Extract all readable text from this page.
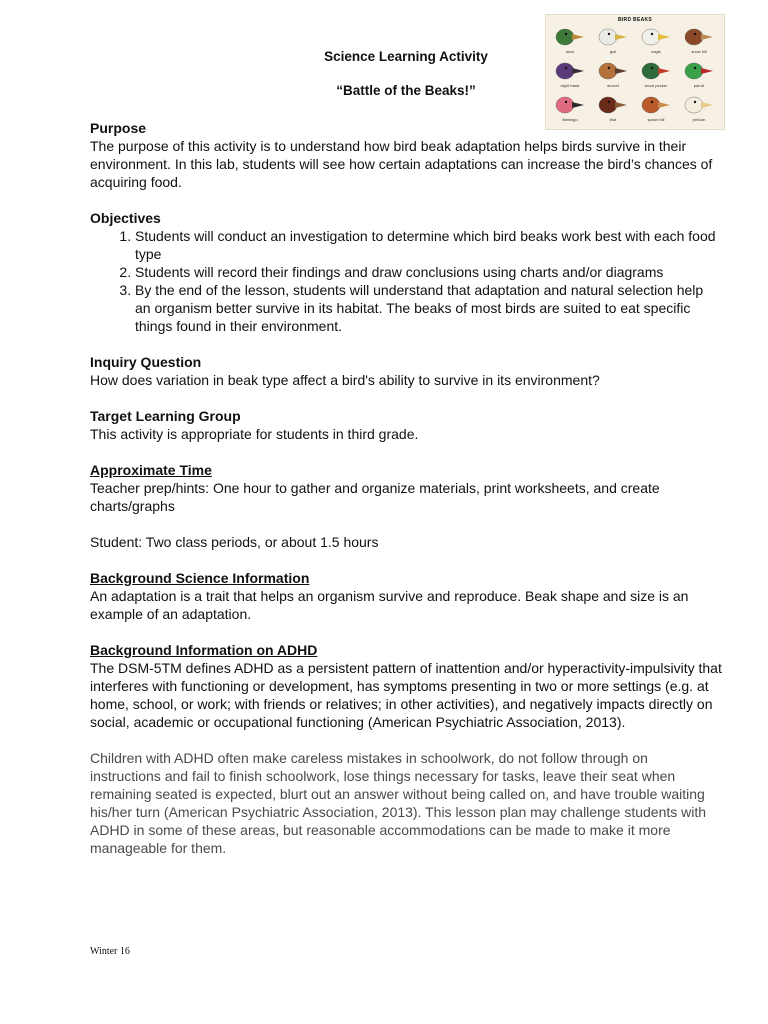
BIRD BEAKS
duck	gull	eagle	snow bill
night hawk	avocet	wood pecker	parrot
flamingo	kiwi	spoon bill	pelican
Science Learning Activity
“Battle of the Beaks!”

Purpose

The purpose of this activity is to understand how bird beak adaptation helps birds survive in their environment. In this lab, students will see how certain adaptations can increase the bird’s chances of acquiring food.

Objectives

1. Students will conduct an investigation to determine which bird beaks work best with each food type
2. Students will record their findings and draw conclusions using charts and/or diagrams
3. By the end of the lesson, students will understand that adaptation and natural selection help an organism better survive in its habitat. The beaks of most birds are suited to eat specific things found in their environment.

Inquiry Question

How does variation in beak type affect a bird's ability to survive in its environment?

Target Learning Group

This activity is appropriate for students in third grade.

Approximate Time

Teacher prep/hints: One hour to gather and organize materials, print worksheets, and create charts/graphs

Student: Two class periods, or about 1.5 hours

Background Science Information

An adaptation is a trait that helps an organism survive and reproduce. Beak shape and size is an example of an adaptation.

Background Information on ADHD

The DSM-5TM defines ADHD as a persistent pattern of inattention and/or hyperactivity-impulsivity that interferes with functioning or development, has symptoms presenting in two or more settings (e.g. at home, school, or work; with friends or relatives; in other activities), and negatively impacts directly on social, academic or occupational functioning (American Psychiatric Association, 2013).

Children with ADHD often make careless mistakes in schoolwork, do not follow through on instructions and fail to finish schoolwork, lose things necessary for tasks, leave their seat when remaining seated is expected, blurt out an answer without being called on, and have trouble waiting his/her turn (American Psychiatric Association, 2013). This lesson plan may challenge students with ADHD in some of these areas, but reasonable accommodations can be made to make it more manageable for them.

Winter 16
